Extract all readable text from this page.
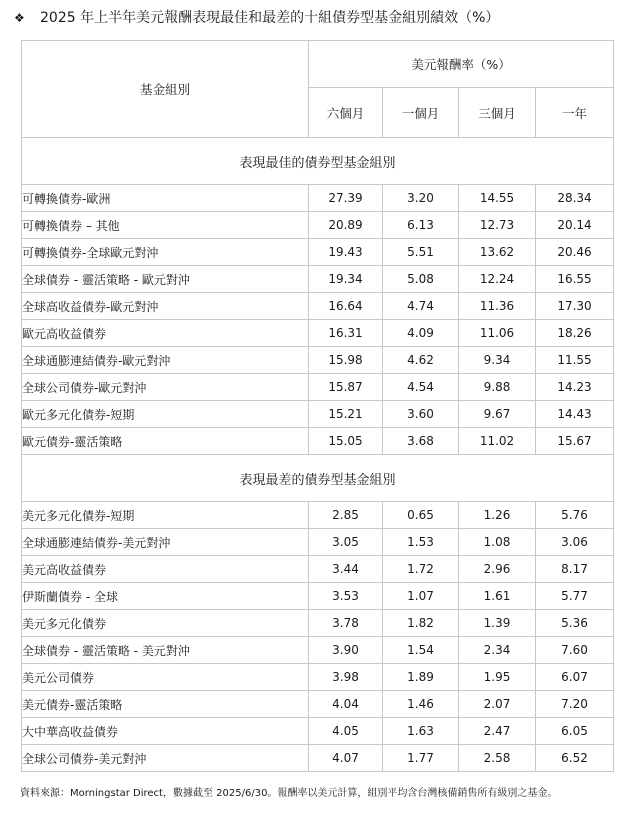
❖ 2025 年上半年美元報酬表現最佳和最差的十組債券型基金組別績效（%）
基金組別	美元報酬率（%）			
	六個月	一個月	三個月	一年
表現最佳的債券型基金組別				
可轉換債券-歐洲	27.39	3.20	14.55	28.34
可轉換債券 – 其他	20.89	6.13	12.73	20.14
可轉換債券-全球歐元對沖	19.43	5.51	13.62	20.46
全球債券 - 靈活策略 - 歐元對沖	19.34	5.08	12.24	16.55
全球高收益債券-歐元對沖	16.64	4.74	11.36	17.30
歐元高收益債券	16.31	4.09	11.06	18.26
全球通膨連結債券-歐元對沖	15.98	4.62	9.34	11.55
全球公司債券-歐元對沖	15.87	4.54	9.88	14.23
歐元多元化債券-短期	15.21	3.60	9.67	14.43
歐元債券-靈活策略	15.05	3.68	11.02	15.67
表現最差的債券型基金組別				
美元多元化債券-短期	2.85	0.65	1.26	5.76
全球通膨連結債券-美元對沖	3.05	1.53	1.08	3.06
美元高收益債券	3.44	1.72	2.96	8.17
伊斯蘭債券 - 全球	3.53	1.07	1.61	5.77
美元多元化債券	3.78	1.82	1.39	5.36
全球債券 - 靈活策略 - 美元對沖	3.90	1.54	2.34	7.60
美元公司債券	3.98	1.89	1.95	6.07
美元債券-靈活策略	4.04	1.46	2.07	7.20
大中華高收益債券	4.05	1.63	2.47	6.05
全球公司債券-美元對沖	4.07	1.77	2.58	6.52
資料來源：Morningstar Direct，數據截至 2025/6/30。報酬率以美元計算，組別平均含台灣核備銷售所有級別之基金。
